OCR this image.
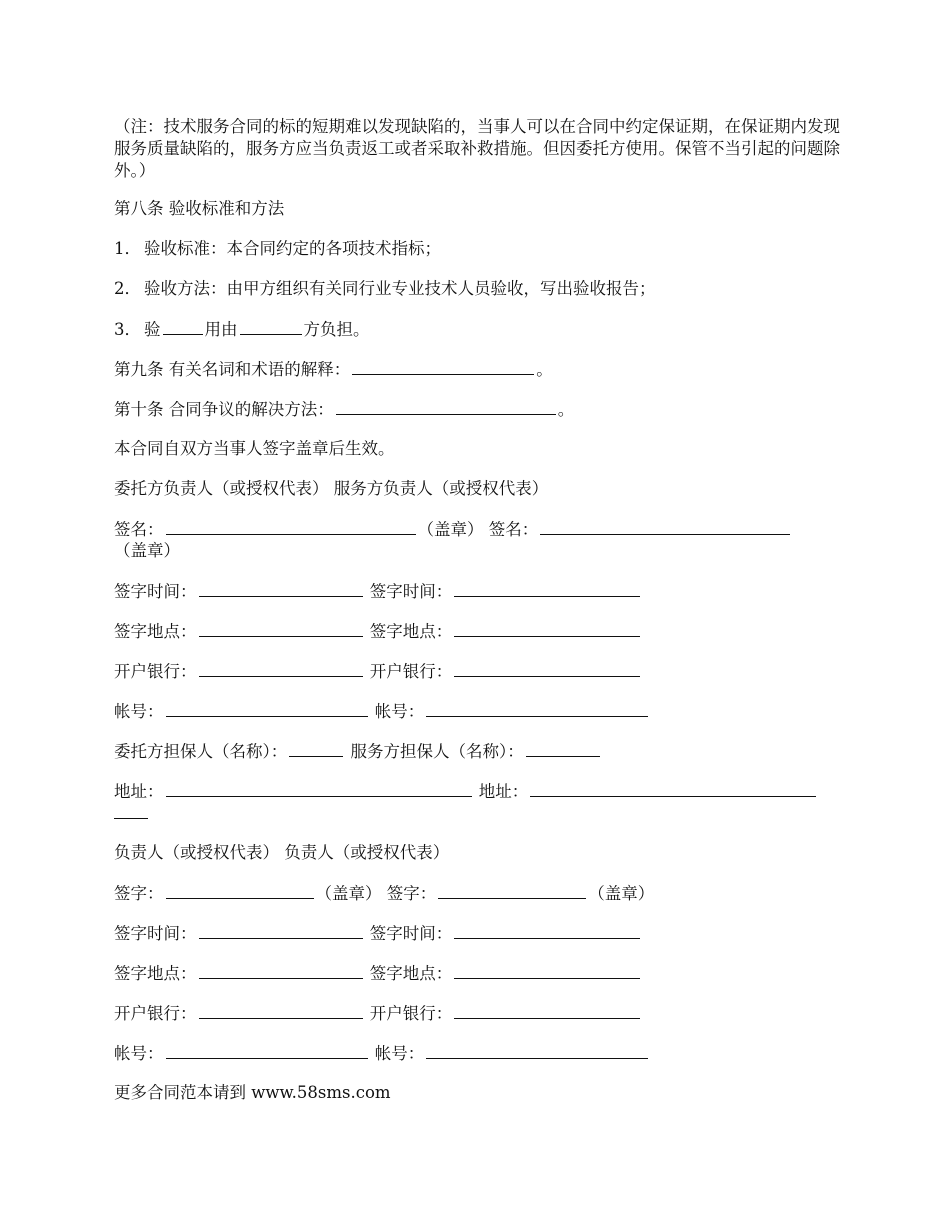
（注：技术服务合同的标的短期难以发现缺陷的，当事人可以在合同中约定保证期，在保证期内发现服务质量缺陷的，服务方应当负责返工或者采取补救措施。但因委托方使用。保管不当引起的问题除外。）
第八条 验收标准和方法
1． 验收标准：本合同约定的各项技术指标；
2． 验收方法：由甲方组织有关同行业专业技术人员验收，写出验收报告；
3． 验	用由	方负担。
第九条 有关名词和术语的解释：	。
第十条 合同争议的解决方法：	。
本合同自双方当事人签字盖章后生效。
委托方负责人（或授权代表） 服务方负责人（或授权代表）
签名：	（盖章） 签名：
（盖章）
签字时间：	签字时间：
签字地点：	签字地点：
开户银行：	开户银行：
帐号：	帐号：
委托方担保人（名称）：	服务方担保人（名称）：
地址：	地址：
负责人（或授权代表） 负责人（或授权代表）
签字：	（盖章） 签字：	（盖章）
签字时间：	签字时间：
签字地点：	签字地点：
开户银行：	开户银行：
帐号：	帐号：
更多合同范本请到 www.58sms.com
